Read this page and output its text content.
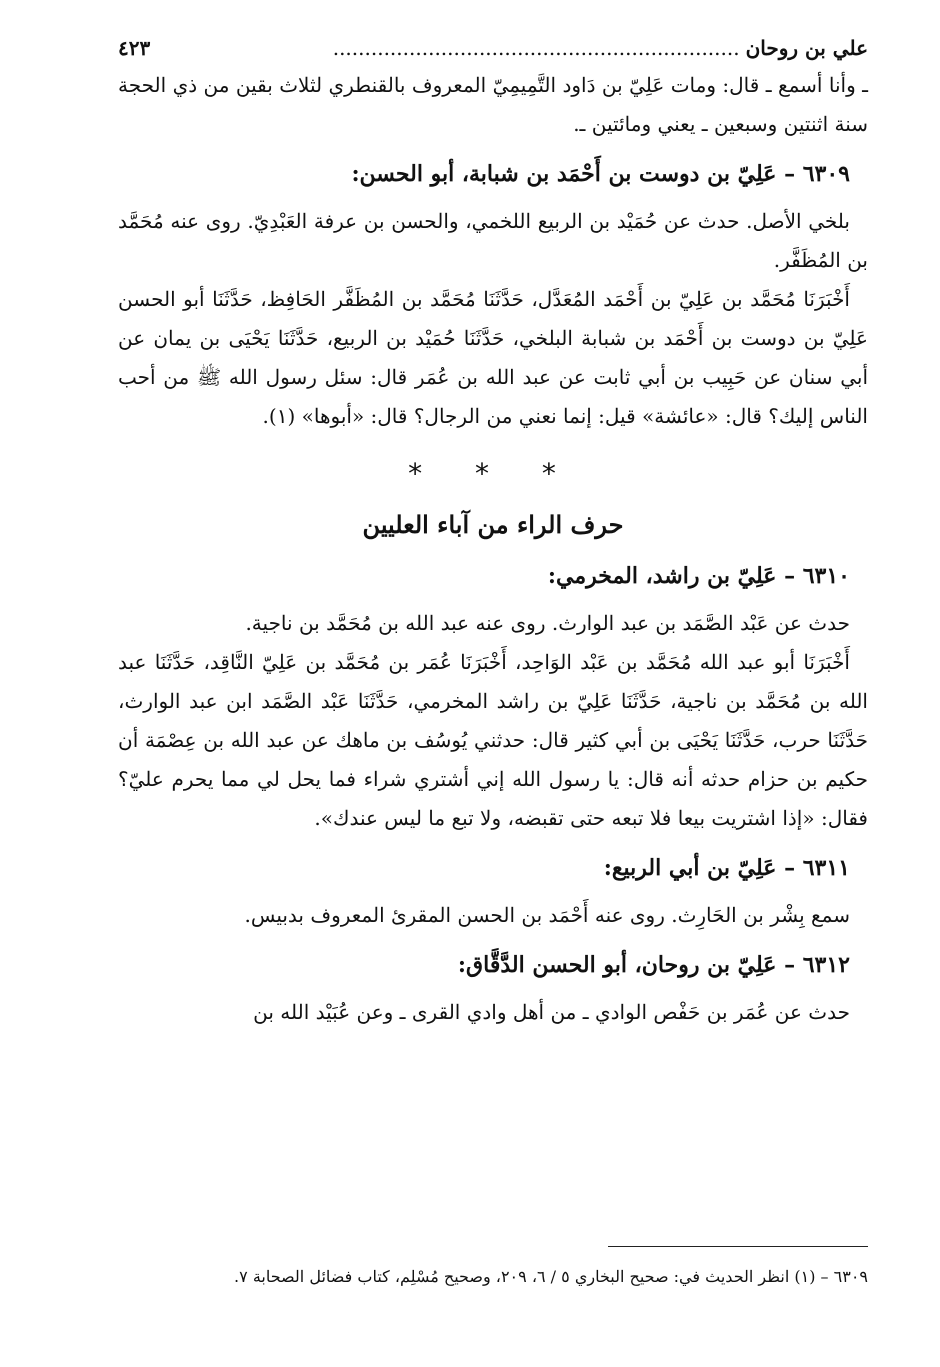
علي بن روحان
................................................................
٤٢٣

ـ وأنا أسمع ـ قال: ومات عَلِيّ بن دَاود التَّمِيمِيّ المعروف بالقنطري لثلاث بقين من ذي الحجة سنة اثنتين وسبعين ـ يعني ومائتين ـ.

٦٣٠٩ – عَلِيّ بن دوست بن أَحْمَد بن شبابة، أبو الحسن:

بلخي الأصل. حدث عن حُمَيْد بن الربيع اللخمي، والحسن بن عرفة العَبْدِيّ. روى عنه مُحَمَّد بن المُظَفَّر.

أَخْبَرَنَا مُحَمَّد بن عَلِيّ بن أَحْمَد المُعَدَّل، حَدَّثَنَا مُحَمَّد بن المُظَفَّر الحَافِظ، حَدَّثَنَا أبو الحسن عَلِيّ بن دوست بن أَحْمَد بن شبابة البلخي، حَدَّثَنَا حُمَيْد بن الربيع، حَدَّثَنَا يَحْيَى بن يمان عن أبي سنان عن حَبِيب بن أبي ثابت عن عبد الله بن عُمَر قال: سئل رسول الله ﷺ من أحب الناس إليك؟ قال: «عائشة» قيل: إنما نعني من الرجال؟ قال: «أبوها» (١).

* * *
حرف الراء من آباء العليين
٦٣١٠ – عَلِيّ بن راشد، المخرمي:

حدث عن عَبْد الصَّمَد بن عبد الوارث. روى عنه عبد الله بن مُحَمَّد بن ناجية.

أَخْبَرَنَا أبو عبد الله مُحَمَّد بن عَبْد الوَاحِد، أَخْبَرَنَا عُمَر بن مُحَمَّد بن عَلِيّ النَّاقِد، حَدَّثَنَا عبد الله بن مُحَمَّد بن ناجية، حَدَّثَنَا عَلِيّ بن راشد المخرمي، حَدَّثَنَا عَبْد الصَّمَد ابن عبد الوارث، حَدَّثَنَا حرب، حَدَّثَنَا يَحْيَى بن أبي كثير قال: حدثني يُوسُف بن ماهك عن عبد الله بن عِصْمَة أن حكيم بن حزام حدثه أنه قال: يا رسول الله إني أشتري شراء فما يحل لي مما يحرم عليّ؟ فقال: «إذا اشتريت بيعا فلا تبعه حتى تقبضه، ولا تبع ما ليس عندك».

٦٣١١ – عَلِيّ بن أبي الربيع:

سمع بِشْر بن الحَارِث. روى عنه أَحْمَد بن الحسن المقرئ المعروف بدبيس.

٦٣١٢ – عَلِيّ بن روحان، أبو الحسن الدَّقَّاق:

حدث عن عُمَر بن حَفْص الوادي ـ من أهل وادي القرى ـ وعن عُبَيْد الله بن

٦٣٠٩ – (١) انظر الحديث في: صحيح البخاري ٥ / ٦، ٢٠٩، وصحيح مُسْلِم، كتاب فضائل الصحابة ٧.
